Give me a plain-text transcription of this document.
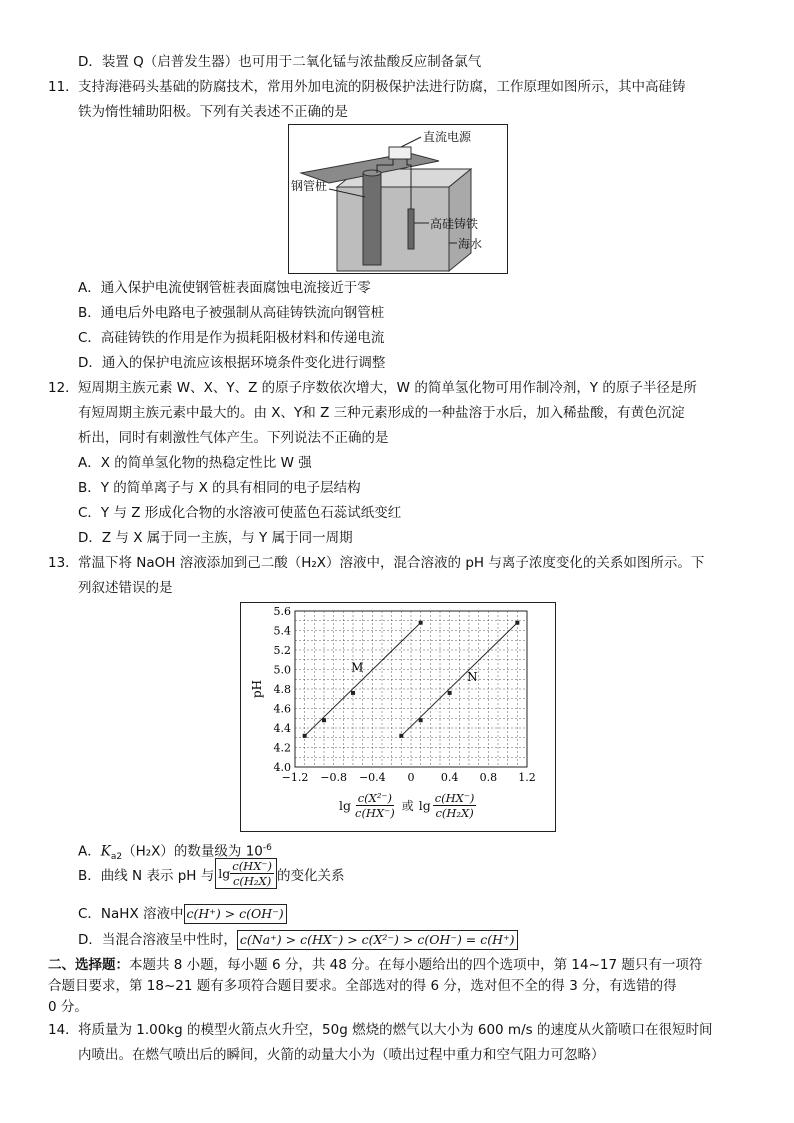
D．装置 Q（启普发生器）也可用于二氧化锰与浓盐酸反应制备氯气
11． 支持海港码头基础的防腐技术，常用外加电流的阴极保护法进行防腐，工作原理如图所示，其中高硅铸
铁为惰性辅助阳极。下列有关表述不正确的是
直流电源
钢管桩
高硅铸铁
海水
A．通入保护电流使钢管桩表面腐蚀电流接近于零
B．通电后外电路电子被强制从高硅铸铁流向钢管桩
C．高硅铸铁的作用是作为损耗阳极材料和传递电流
D．通入的保护电流应该根据环境条件变化进行调整
12． 短周期主族元素 W、X、Y、Z 的原子序数依次增大，W 的简单氢化物可用作制冷剂，Y 的原子半径是所
有短周期主族元素中最大的。由 X、Y和 Z 三种元素形成的一种盐溶于水后，加入稀盐酸，有黄色沉淀
析出，同时有刺激性气体产生。下列说法不正确的是
A．X 的简单氢化物的热稳定性比 W 强
B．Y 的简单离子与 X 的具有相同的电子层结构
C．Y 与 Z 形成化合物的水溶液可使蓝色石蕊试纸变红
D．Z 与 X 属于同一主族，与 Y 属于同一周期
13． 常温下将 NaOH 溶液添加到己二酸（H₂X）溶液中，混合溶液的 pH 与离子浓度变化的关系如图所示。下
列叙述错误的是
−1.2 −0.8 −0.4 0 0.4 0.8 1.2
4.0
4.2
4.4
4.6
4.8
5.0
5.2
5.4
5.6
pH
M
N
$\lg \frac{\text{c(X²⁻)}}{c(HX^-)}$ 或 $\lg \frac{c(HX^-)}{\text{c(H₂X)}}$
A．$K_{a2}(H_2X)$的数量级为 $10^{-6}$
B．曲线 N 表示 pH 与 $\lg \frac{c(HX^-)}{\text{c(H₂X)}}$ 的变化关系
C．NaHX 溶液中 c(H⁺) > c(OH⁻)
D．当混合溶液呈中性时， c(Na⁺) > c(HX⁻) > c(X²⁻) > c(OH⁻) = c(H⁺)
二、选择题：本题共 8 小题，每小题 6 分，共 48 分。在每小题给出的四个选项中，第 14~17 题只有一项符
合题目要求，第 18~21 题有多项符合题目要求。全部选对的得 6 分，选对但不全的得 3 分，有选错的得
0 分。
14． 将质量为 1.00kg 的模型火箭点火升空，50g 燃烧的燃气以大小为 600 m/s 的速度从火箭喷口在很短时间
内喷出。在燃气喷出后的瞬间，火箭的动量大小为（喷出过程中重力和空气阻力可忽略）
